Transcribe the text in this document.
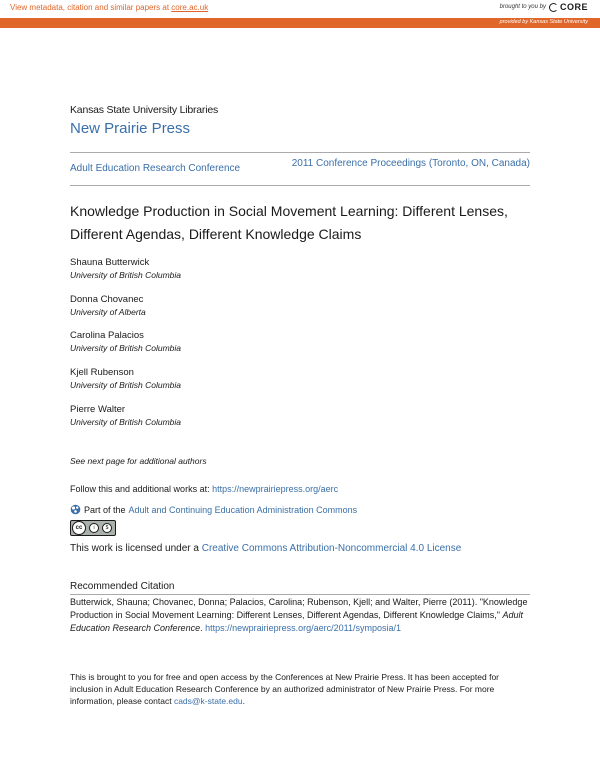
View metadata, citation and similar papers at core.ac.uk	brought to you by CORE
provided by Kansas State University
Kansas State University Libraries
New Prairie Press
Adult Education Research Conference	2011 Conference Proceedings (Toronto, ON, Canada)
Knowledge Production in Social Movement Learning: Different Lenses, Different Agendas, Different Knowledge Claims
Shauna Butterwick
University of British Columbia
Donna Chovanec
University of Alberta
Carolina Palacios
University of British Columbia
Kjell Rubenson
University of British Columbia
Pierre Walter
University of British Columbia
See next page for additional authors
Follow this and additional works at: https://newprairiepress.org/aerc
Part of the Adult and Continuing Education Administration Commons
cc	i	$
This work is licensed under a Creative Commons Attribution-Noncommercial 4.0 License
Recommended Citation
Butterwick, Shauna; Chovanec, Donna; Palacios, Carolina; Rubenson, Kjell; and Walter, Pierre (2011). "Knowledge Production in Social Movement Learning: Different Lenses, Different Agendas, Different Knowledge Claims," Adult Education Research Conference. https://newprairiepress.org/aerc/2011/symposia/1
This is brought to you for free and open access by the Conferences at New Prairie Press. It has been accepted for inclusion in Adult Education Research Conference by an authorized administrator of New Prairie Press. For more information, please contact cads@k-state.edu.
